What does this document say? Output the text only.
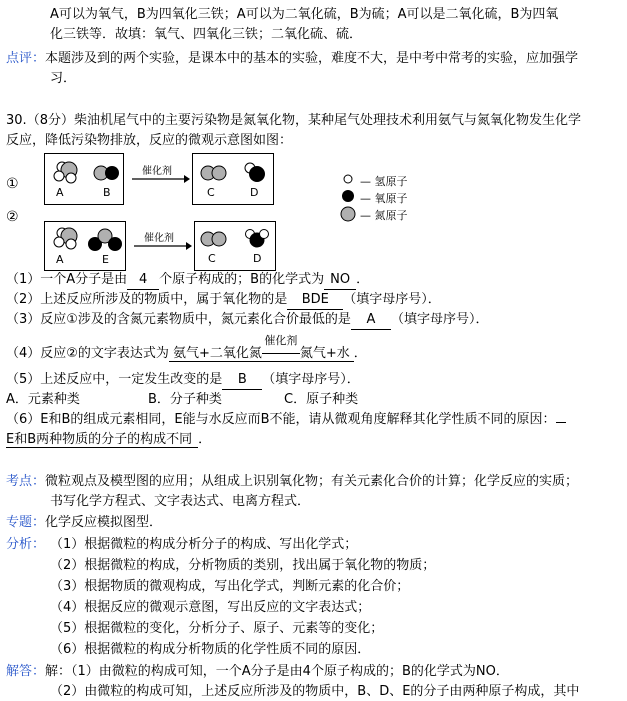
A可以为氧气，B为四氧化三铁；A可以为二氧化硫，B为硫；A可以是二氧化硫，B为四氧
化三铁等．故填：氧气、四氧化三铁；二氧化硫、硫．
点评：本题涉及到的两个实验，是课本中的基本的实验，难度不大，是中考中常考的实验，应加强学
习．
30.（8分）柴油机尾气中的主要污染物是氮氧化物，某种尾气处理技术利用氨气与氮氧化物发生化学
反应，降低污染物排放，反应的微观示意图如图：
①
②
A	B
催化剂
C	D
— 氢原子
— 氧原子
— 氮原子
A	E
催化剂
C	D
（1）一个A分子是由 4 个原子构成的；B的化学式为 NO ．
（2）上述反应所涉及的物质中，属于氧化物的是 BDE （填字母序号）．
（3）反应①涉及的含氮元素物质中，氮元素化合价最低的是 A （填字母序号）．
（4）反应②的文字表达式为 氨气+二氧化氮
催化剂
氮气+水 ．
（5）上述反应中，一定发生改变的是 B （填字母序号）．
A．元素种类	B．分子种类	C．原子种类
（6）E和B的组成元素相同，E能与水反应而B不能，请从微观角度解释其化学性质不同的原因：
E和B两种物质的分子的构成不同 ．
考点：微粒观点及模型图的应用；从组成上识别氧化物；有关元素化合价的计算；化学反应的实质；
书写化学方程式、文字表达式、电离方程式．
专题：化学反应模拟图型．
分析： （1）根据微粒的构成分析分子的构成、写出化学式；
（2）根据微粒的构成，分析物质的类别，找出属于氧化物的物质；
（3）根据物质的微观构成，写出化学式，判断元素的化合价；
（4）根据反应的微观示意图，写出反应的文字表达式；
（5）根据微粒的变化，分析分子、原子、元素等的变化；
（6）根据微粒的构成分析物质的化学性质不同的原因．
解答：解：（1）由微粒的构成可知，一个A分子是由4个原子构成的；B的化学式为NO．
（2）由微粒的构成可知，上述反应所涉及的物质中，B、D、E的分子由两种原子构成，其中
